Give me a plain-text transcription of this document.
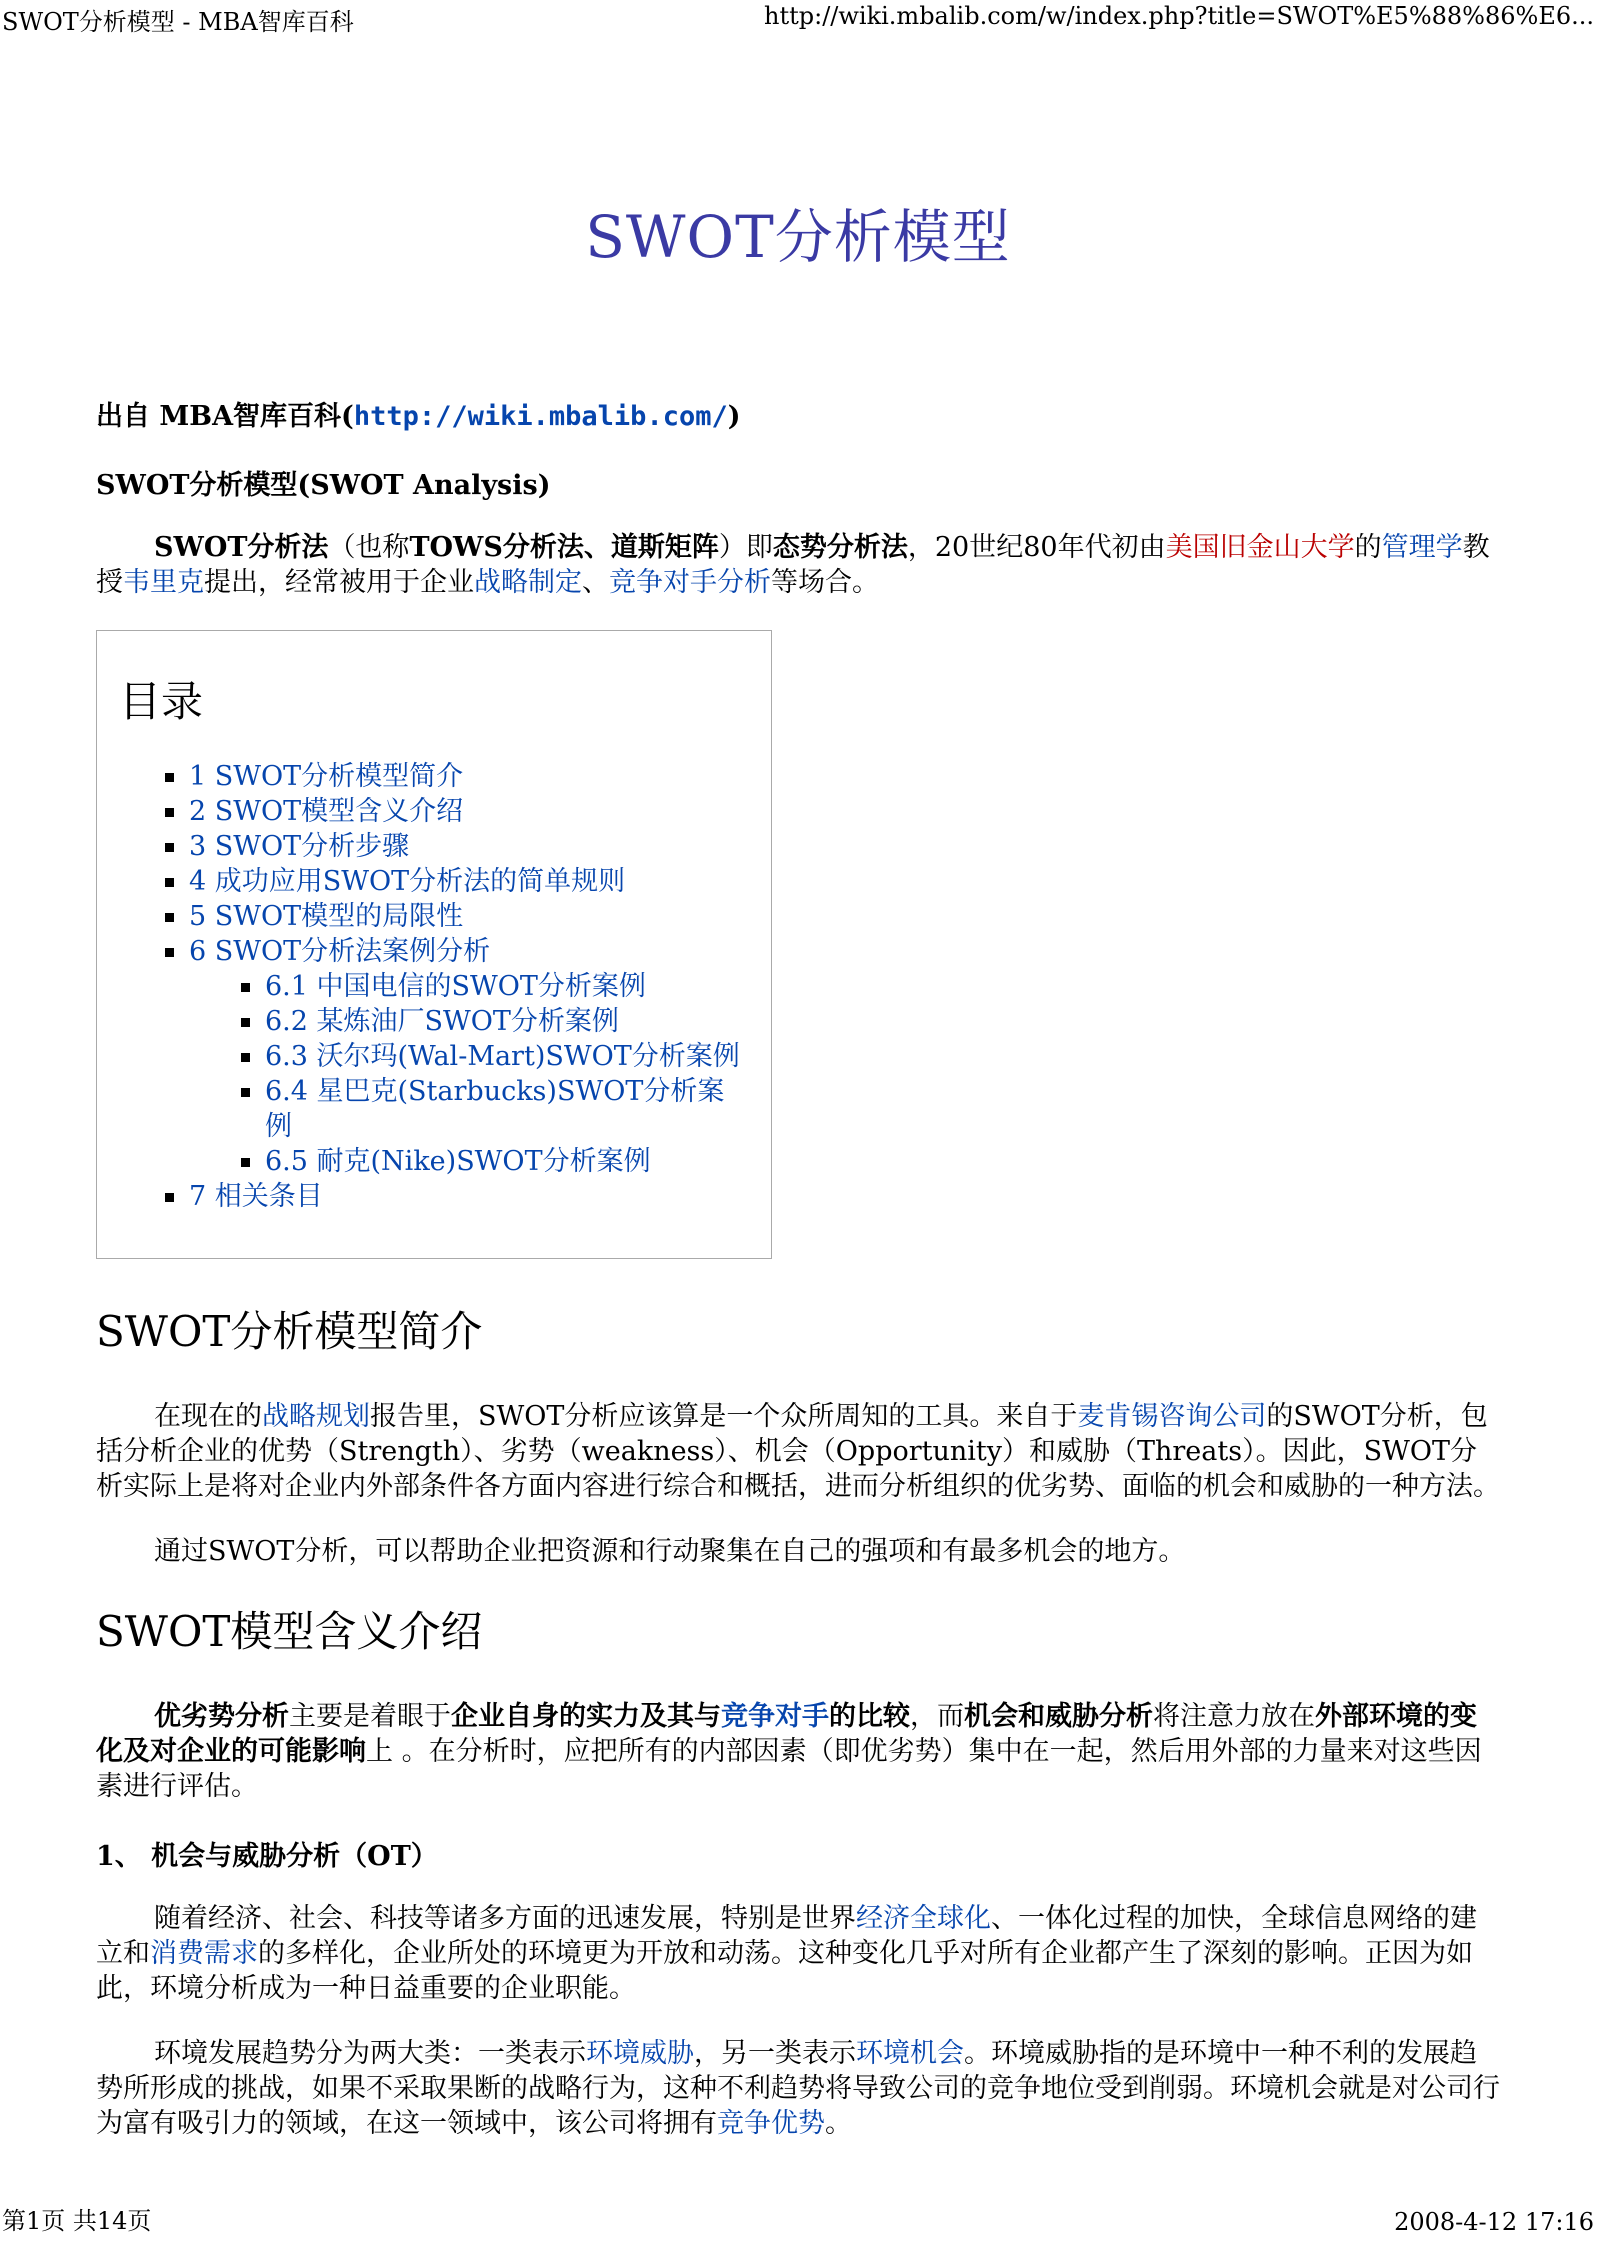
SWOT分析模型 - MBA智库百科	http://wiki.mbalib.com/w/index.php?title=SWOT%E5%88%86%E6...
SWOT分析模型
出自 MBA智库百科(http://wiki.mbalib.com/)
SWOT分析模型(SWOT Analysis)

SWOT分析法（也称TOWS分析法、道斯矩阵）即态势分析法，20世纪80年代初由美国旧金山大学的管理学教授韦里克提出，经常被用于企业战略制定、竞争对手分析等场合。

目录
1 SWOT分析模型简介
2 SWOT模型含义介绍
3 SWOT分析步骤
4 成功应用SWOT分析法的简单规则
5 SWOT模型的局限性
6 SWOT分析法案例分析
6.1 中国电信的SWOT分析案例
6.2 某炼油厂SWOT分析案例
6.3 沃尔玛(Wal-Mart)SWOT分析案例
6.4 星巴克(Starbucks)SWOT分析案例
6.5 耐克(Nike)SWOT分析案例
7 相关条目
SWOT分析模型简介

在现在的战略规划报告里，SWOT分析应该算是一个众所周知的工具。来自于麦肯锡咨询公司的SWOT分析，包括分析企业的优势（Strength）、劣势（weakness）、机会（Opportunity）和威胁（Threats）。因此，SWOT分析实际上是将对企业内外部条件各方面内容进行综合和概括，进而分析组织的优劣势、面临的机会和威胁的一种方法。

通过SWOT分析，可以帮助企业把资源和行动聚集在自己的强项和有最多机会的地方。

SWOT模型含义介绍

优劣势分析主要是着眼于企业自身的实力及其与竞争对手的比较，而机会和威胁分析将注意力放在外部环境的变化及对企业的可能影响上 。在分析时，应把所有的内部因素（即优劣势）集中在一起，然后用外部的力量来对这些因素进行评估。

1、 机会与威胁分析（OT）

随着经济、社会、科技等诸多方面的迅速发展，特别是世界经济全球化、一体化过程的加快，全球信息网络的建立和消费需求的多样化，企业所处的环境更为开放和动荡。这种变化几乎对所有企业都产生了深刻的影响。正因为如此，环境分析成为一种日益重要的企业职能。

环境发展趋势分为两大类：一类表示环境威胁，另一类表示环境机会。环境威胁指的是环境中一种不利的发展趋势所形成的挑战，如果不采取果断的战略行为，这种不利趋势将导致公司的竞争地位受到削弱。环境机会就是对公司行为富有吸引力的领域，在这一领域中，该公司将拥有竞争优势。

第1页 共14页	2008-4-12 17:16
